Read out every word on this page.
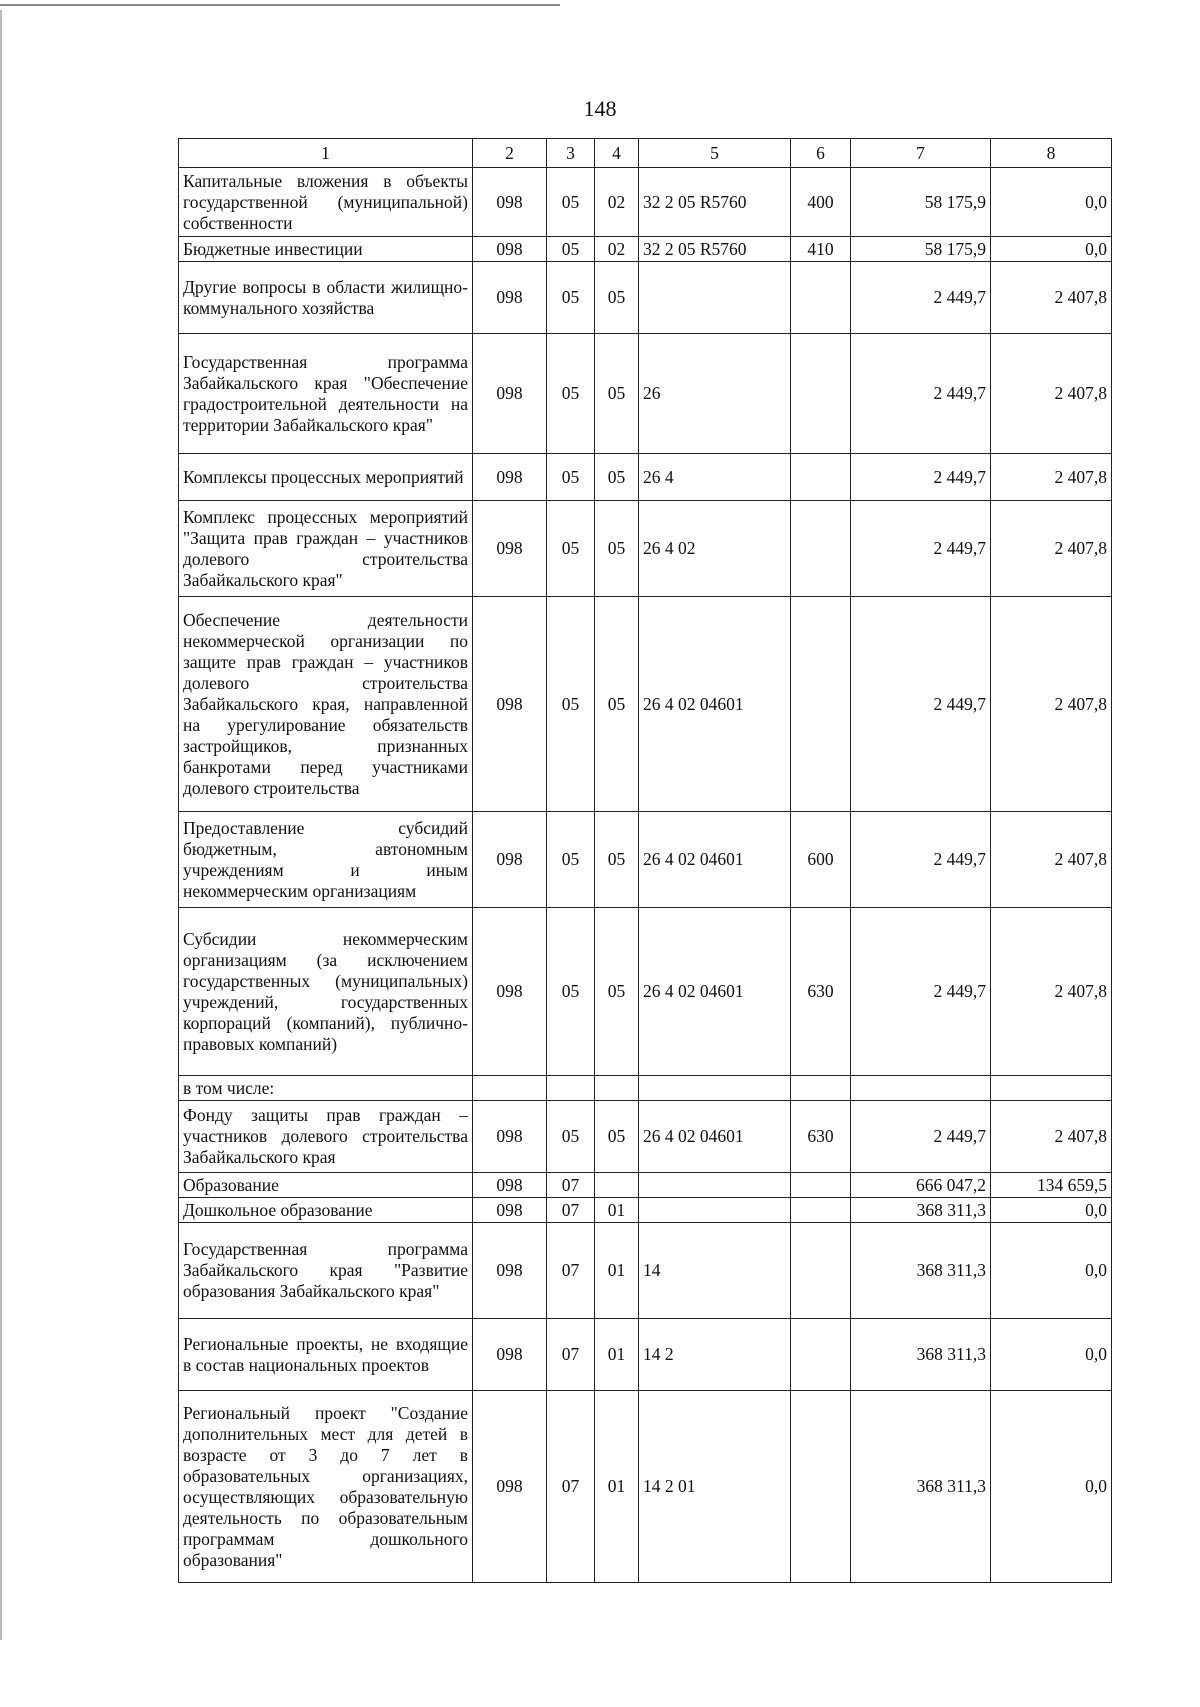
148
1	2	3	4	5	6	7	8
Капитальные вложения в объекты государственной (муниципальной) собственности	098	05	02	32 2 05 R5760	400	58 175,9	0,0
Бюджетные инвестиции	098	05	02	32 2 05 R5760	410	58 175,9	0,0
Другие вопросы в области жилищно-коммунального хозяйства	098	05	05			2 449,7	2 407,8
Государственная программа Забайкальского края "Обеспечение градостроительной деятельности на территории Забайкальского края"	098	05	05	26		2 449,7	2 407,8
Комплексы процессных мероприятий	098	05	05	26 4		2 449,7	2 407,8
Комплекс процессных мероприятий "Защита прав граждан – участников долевого строительства Забайкальского края"	098	05	05	26 4 02		2 449,7	2 407,8
Обеспечение деятельности некоммерческой организации по защите прав граждан – участников долевого строительства Забайкальского края, направленной на урегулирование обязательств застройщиков, признанных банкротами перед участниками долевого строительства	098	05	05	26 4 02 04601		2 449,7	2 407,8
Предоставление субсидий бюджетным, автономным учреждениям и иным некоммерческим организациям	098	05	05	26 4 02 04601	600	2 449,7	2 407,8
Субсидии некоммерческим организациям (за исключением государственных (муниципальных) учреждений, государственных корпораций (компаний), публично-правовых компаний)	098	05	05	26 4 02 04601	630	2 449,7	2 407,8
в том числе:							
Фонду защиты прав граждан – участников долевого строительства Забайкальского края	098	05	05	26 4 02 04601	630	2 449,7	2 407,8
Образование	098	07				666 047,2	134 659,5
Дошкольное образование	098	07	01			368 311,3	0,0
Государственная программа Забайкальского края "Развитие образования Забайкальского края"	098	07	01	14		368 311,3	0,0
Региональные проекты, не входящие в состав национальных проектов	098	07	01	14 2		368 311,3	0,0
Региональный проект "Создание дополнительных мест для детей в возрасте от 3 до 7 лет в образовательных организациях, осуществляющих образовательную деятельность по образовательным программам дошкольного образования"	098	07	01	14 2 01		368 311,3	0,0
